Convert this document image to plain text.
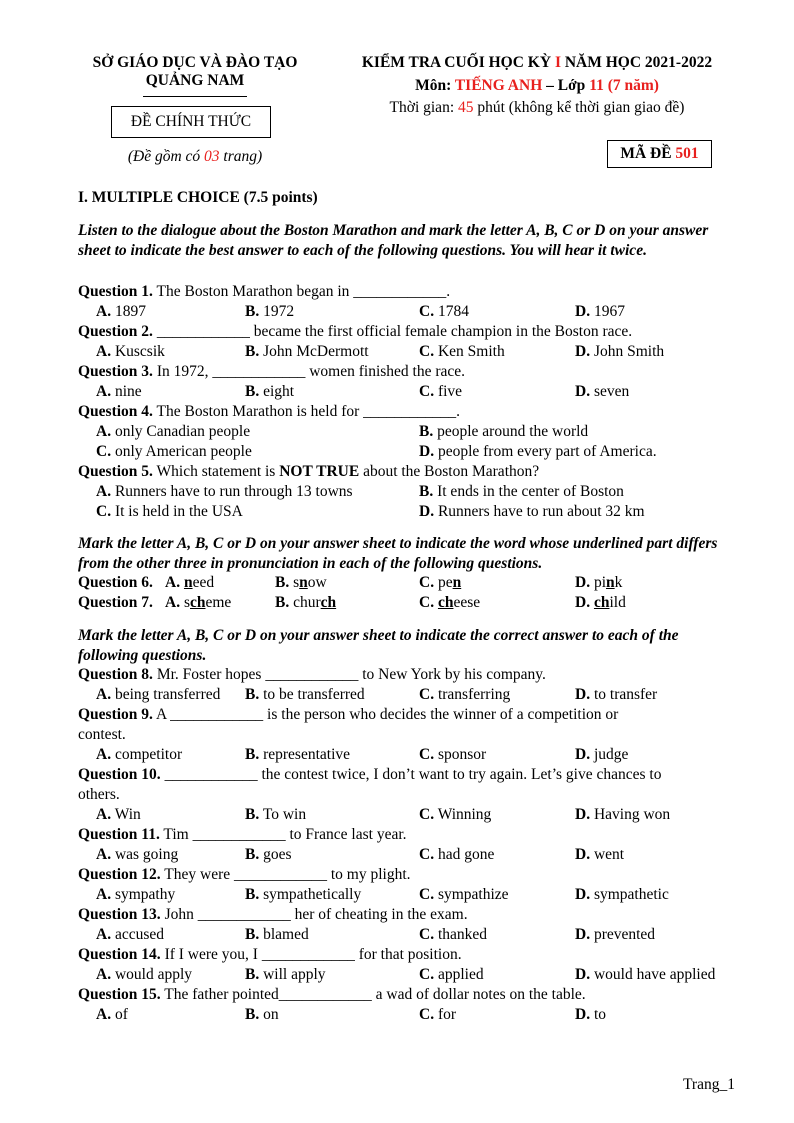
SỞ GIÁO DỤC VÀ ĐÀO TẠO
QUẢNG NAM
ĐỀ CHÍNH THỨC
(Đề gồm có 03 trang)
KIỂM TRA CUỐI HỌC KỲ I NĂM HỌC 2021-2022
Môn: TIẾNG ANH – Lớp 11 (7 năm)
Thời gian: 45 phút (không kể thời gian giao đề)
MÃ ĐỀ 501
I. MULTIPLE CHOICE (7.5 points)
Listen to the dialogue about the Boston Marathon and mark the letter A, B, C or D on your answer sheet to indicate the best answer to each of the following questions. You will hear it twice.
Question 1. The Boston Marathon began in ____________.
A. 1897	B. 1972	C. 1784	D. 1967
Question 2. ____________ became the first official female champion in the Boston race.
A. Kuscsik	B. John McDermott	C. Ken Smith	D. John Smith
Question 3. In 1972, ____________ women finished the race.
A. nine	B. eight	C. five	D. seven
Question 4. The Boston Marathon is held for ____________.
A. only Canadian people	B. people around the world
C. only American people	D. people from every part of America.
Question 5. Which statement is NOT TRUE about the Boston Marathon?
A. Runners have to run through 13 towns	B. It ends in the center of Boston
C. It is held in the USA	D. Runners have to run about 32 km
Mark the letter A, B, C or D on your answer sheet to indicate the word whose underlined part differs from the other three in pronunciation in each of the following questions.
Question 6. A. need	B. snow	C. pen	D. pink
Question 7. A. scheme	B. church	C. cheese	D. child
Mark the letter A, B, C or D on your answer sheet to indicate the correct answer to each of the following questions.
Question 8. Mr. Foster hopes ____________ to New York by his company.
A. being transferred B. to be transferred	C. transferring	D. to transfer
Question 9. A ____________ is the person who decides the winner of a competition or
contest.
A. competitor	B. representative	C. sponsor	D. judge
Question 10. ____________ the contest twice, I don’t want to try again. Let’s give chances to
others.
A. Win	B. To win	C. Winning	D. Having won
Question 11. Tim ____________ to France last year.
A. was going	B. goes	C. had gone	D. went
Question 12. They were ____________ to my plight.
A. sympathy	B. sympathetically	C. sympathize	D. sympathetic
Question 13. John ____________ her of cheating in the exam.
A. accused	B. blamed	C. thanked	D. prevented
Question 14. If I were you, I ____________ for that position.
A. would apply	B. will apply	C. applied	D. would have applied
Question 15. The father pointed____________ a wad of dollar notes on the table.
A. of	B. on	C. for	D. to
Trang_1
